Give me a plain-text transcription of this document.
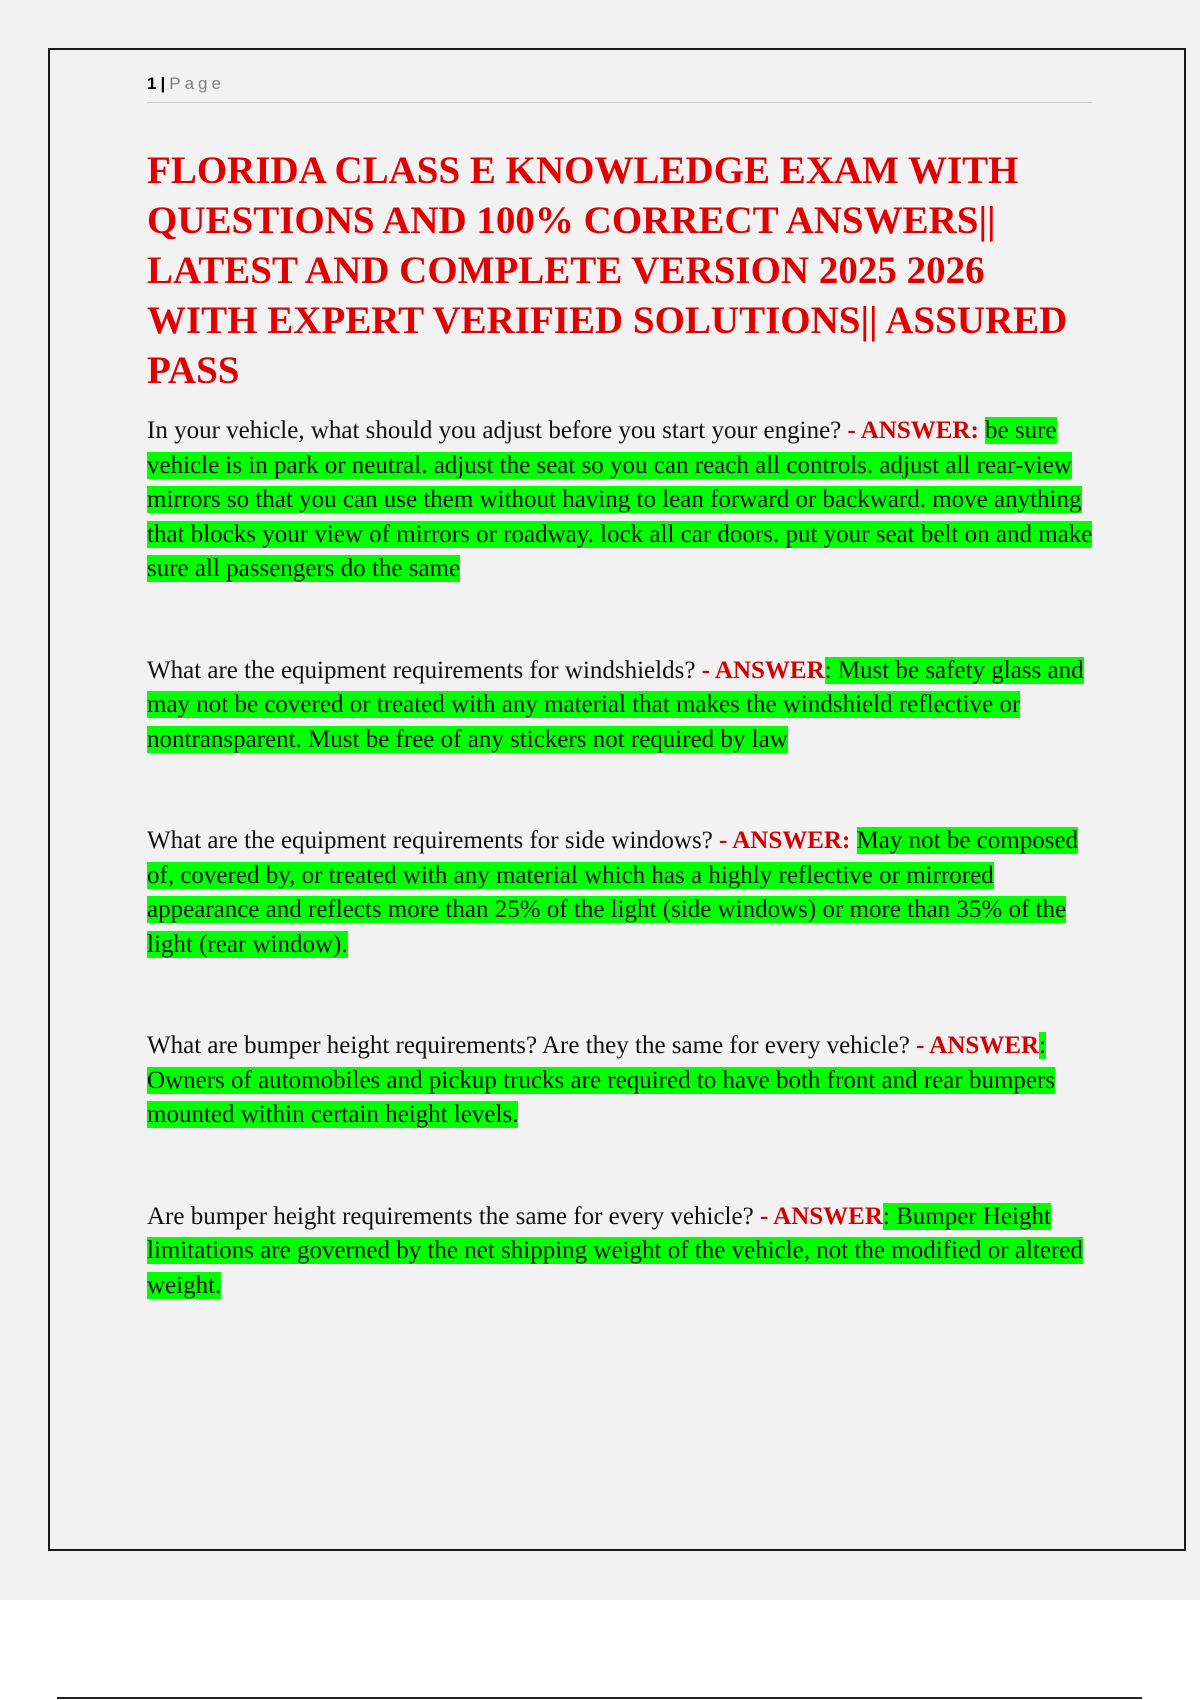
1 | Page
FLORIDA CLASS E KNOWLEDGE EXAM WITH QUESTIONS AND 100% CORRECT ANSWERS|| LATEST AND COMPLETE VERSION 2025 2026 WITH EXPERT VERIFIED SOLUTIONS|| ASSURED PASS

In your vehicle, what should you adjust before you start your engine? - ANSWER: be sure vehicle is in park or neutral. adjust the seat so you can reach all controls. adjust all rear-view mirrors so that you can use them without having to lean forward or backward. move anything that blocks your view of mirrors or roadway. lock all car doors. put your seat belt on and make sure all passengers do the same

What are the equipment requirements for windshields? - ANSWER: Must be safety glass and may not be covered or treated with any material that makes the windshield reflective or nontransparent. Must be free of any stickers not required by law

What are the equipment requirements for side windows? - ANSWER: May not be composed of, covered by, or treated with any material which has a highly reflective or mirrored appearance and reflects more than 25% of the light (side windows) or more than 35% of the light (rear window).

What are bumper height requirements? Are they the same for every vehicle? - ANSWER: Owners of automobiles and pickup trucks are required to have both front and rear bumpers mounted within certain height levels.

Are bumper height requirements the same for every vehicle? - ANSWER: Bumper Height limitations are governed by the net shipping weight of the vehicle, not the modified or altered weight.
